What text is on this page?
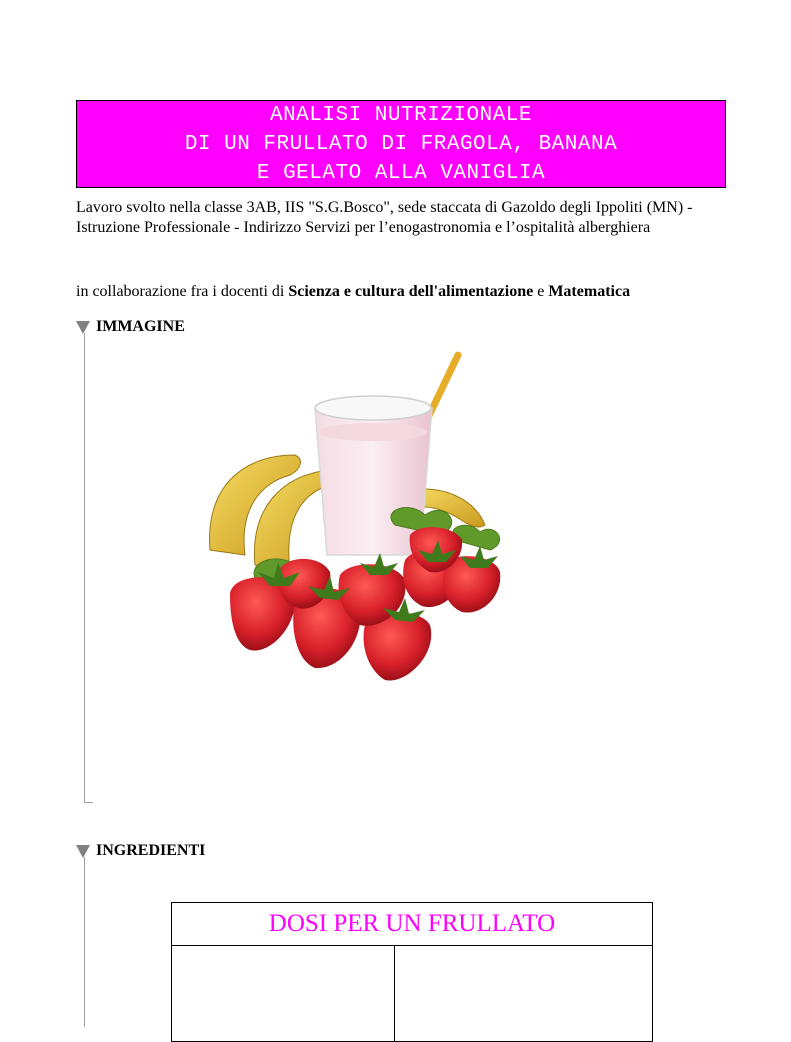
ANALISI NUTRIZIONALE
DI UN FRULLATO DI FRAGOLA, BANANA
E GELATO ALLA VANIGLIA

Lavoro svolto nella classe 3AB, IIS "S.G.Bosco", sede staccata di Gazoldo degli Ippoliti (MN) -

Istruzione Professionale - Indirizzo Servizi per l’enogastronomia e l’ospitalità alberghiera

in collaborazione fra i docenti di Scienza e cultura dell'alimentazione e Matematica
IMMAGINE
INGREDIENTI
DOSI PER UN FRULLATO
